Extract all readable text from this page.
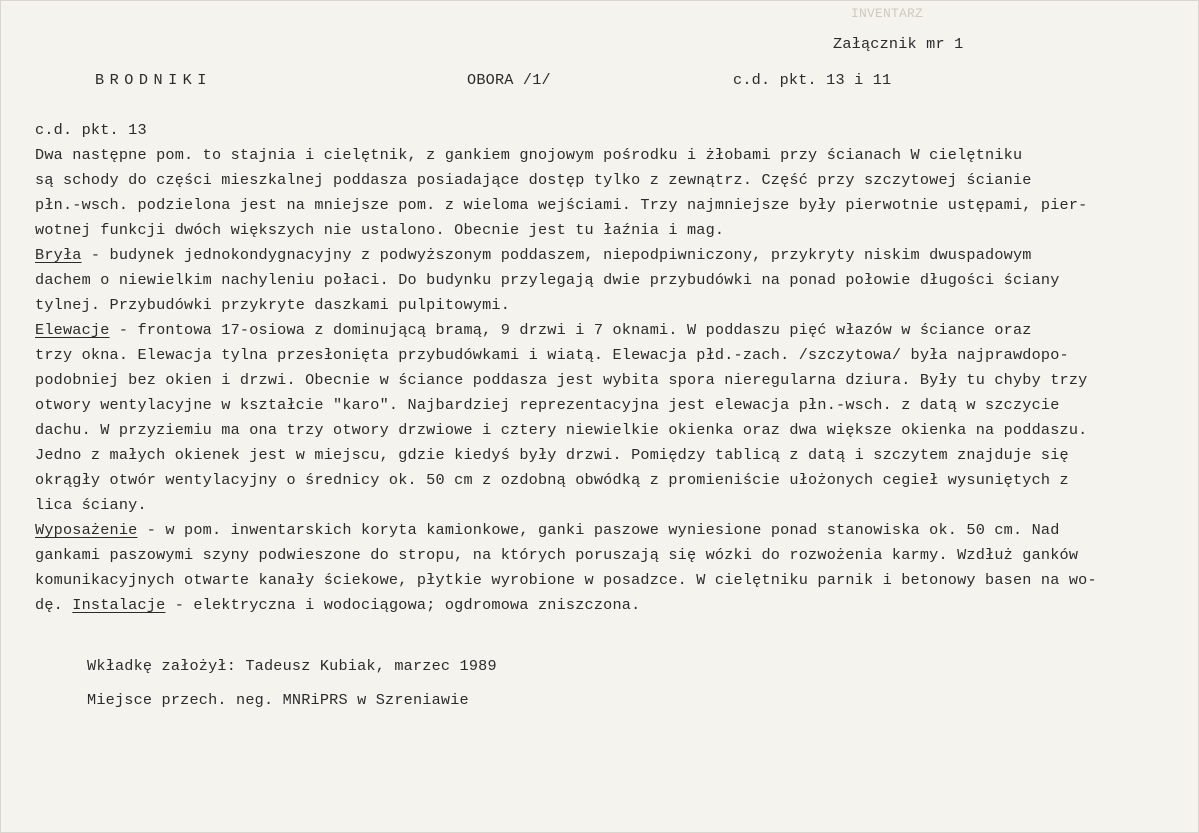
INVENTARZ
Załącznik mr 1
BRODNIKI	OBORA /1/	c.d. pkt. 13 i 11
c.d. pkt. 13
Dwa następne pom. to stajnia i cielętnik, z gankiem gnojowym pośrodku i żłobami przy ścianach W cielętniku
są schody do części mieszkalnej poddasza posiadające dostęp tylko z zewnątrz. Część przy szczytowej ścianie
płn.-wsch. podzielona jest na mniejsze pom. z wieloma wejściami. Trzy najmniejsze były pierwotnie ustępami, pier-
wotnej funkcji dwóch większych nie ustalono. Obecnie jest tu łaźnia i mag.
Bryła - budynek jednokondygnacyjny z podwyższonym poddaszem, niepodpiwniczony, przykryty niskim dwuspadowym
dachem o niewielkim nachyleniu połaci. Do budynku przylegają dwie przybudówki na ponad połowie długości ściany
tylnej. Przybudówki przykryte daszkami pulpitowymi.
Elewacje - frontowa 17-osiowa z dominującą bramą, 9 drzwi i 7 oknami. W poddaszu pięć włazów w ściance oraz
trzy okna. Elewacja tylna przesłonięta przybudówkami i wiatą. Elewacja płd.-zach. /szczytowa/ była najprawdopo-
podobniej bez okien i drzwi. Obecnie w ściance poddasza jest wybita spora nieregularna dziura. Były tu chyby trzy
otwory wentylacyjne w kształcie "karo". Najbardziej reprezentacyjna jest elewacja płn.-wsch. z datą w szczycie
dachu. W przyziemiu ma ona trzy otwory drzwiowe i cztery niewielkie okienka oraz dwa większe okienka na poddaszu.
Jedno z małych okienek jest w miejscu, gdzie kiedyś były drzwi. Pomiędzy tablicą z datą i szczytem znajduje się
okrągły otwór wentylacyjny o średnicy ok. 50 cm z ozdobną obwódką z promieniście ułożonych cegieł wysuniętych z
lica ściany.
Wyposażenie - w pom. inwentarskich koryta kamionkowe, ganki paszowe wyniesione ponad stanowiska ok. 50 cm. Nad
gankami paszowymi szyny podwieszone do stropu, na których poruszają się wózki do rozwożenia karmy. Wzdłuż ganków
komunikacyjnych otwarte kanały ściekowe, płytkie wyrobione w posadzce. W cielętniku parnik i betonowy basen na wo-
dę. Instalacje - elektryczna i wodociągowa; ogdromowa zniszczona.
Wkładkę założył: Tadeusz Kubiak, marzec 1989
Miejsce przech. neg. MNRiPRS w Szreniawie
